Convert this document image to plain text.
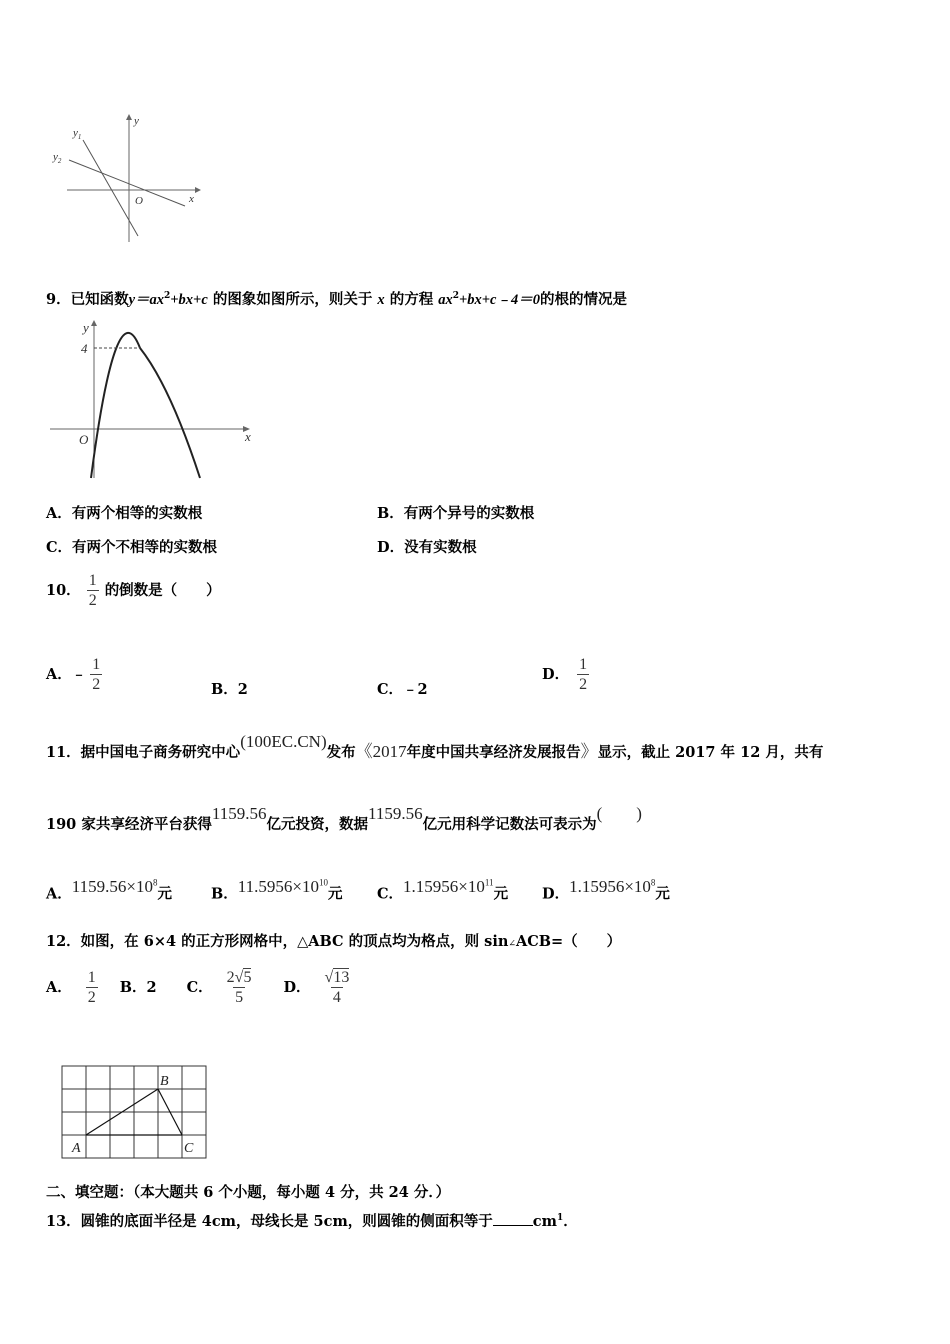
$y_1$
$y_2$
y
x
O
9．已知函数$y=ax^2+bx+c$ 的图象如图所示，则关于 x 的方程 $ax^2+bx+c﹣4=0$的根的情况是
y
4
O	x
A．有两个相等的实数根	B．有两个异号的实数根
C．有两个不相等的实数根	D．没有实数根
10． $\frac{1}{2}$ 的倒数是（　　）
A． ﹣ $\frac{1}{2}$	B．2	C．﹣2
D． $\frac{1}{2}$
11．据中国电子商务研究中心(100EC.CN)发布《2017年度中国共享经济发展报告》显示，截止 2017 年 12 月，共有
190 家共享经济平台获得1159.56亿元投资，数据1159.56亿元用科学记数法可表示为(　　)
A．$1159.56\times 10^8$元	B．$11.5956\times 10^{10}$元 C．$1.15956\times 10^{11}$元 D．$1.15956\times 10^8$元
12．如图，在 6×4 的正方形网格中，△ABC 的顶点均为格点，则 sin∠ACB=（　　）
A． $\frac{1}{2}$ B．2 C． $\frac{2√5}{5}$ D． $\frac{√13}{4}$
A
B
C
二、填空题：（本大题共 6 个小题，每小题 4 分，共 24 分．）
13．圆锥的底面半径是 4cm，母线长是 5cm，则圆锥的侧面积等于	$cm^1$．
